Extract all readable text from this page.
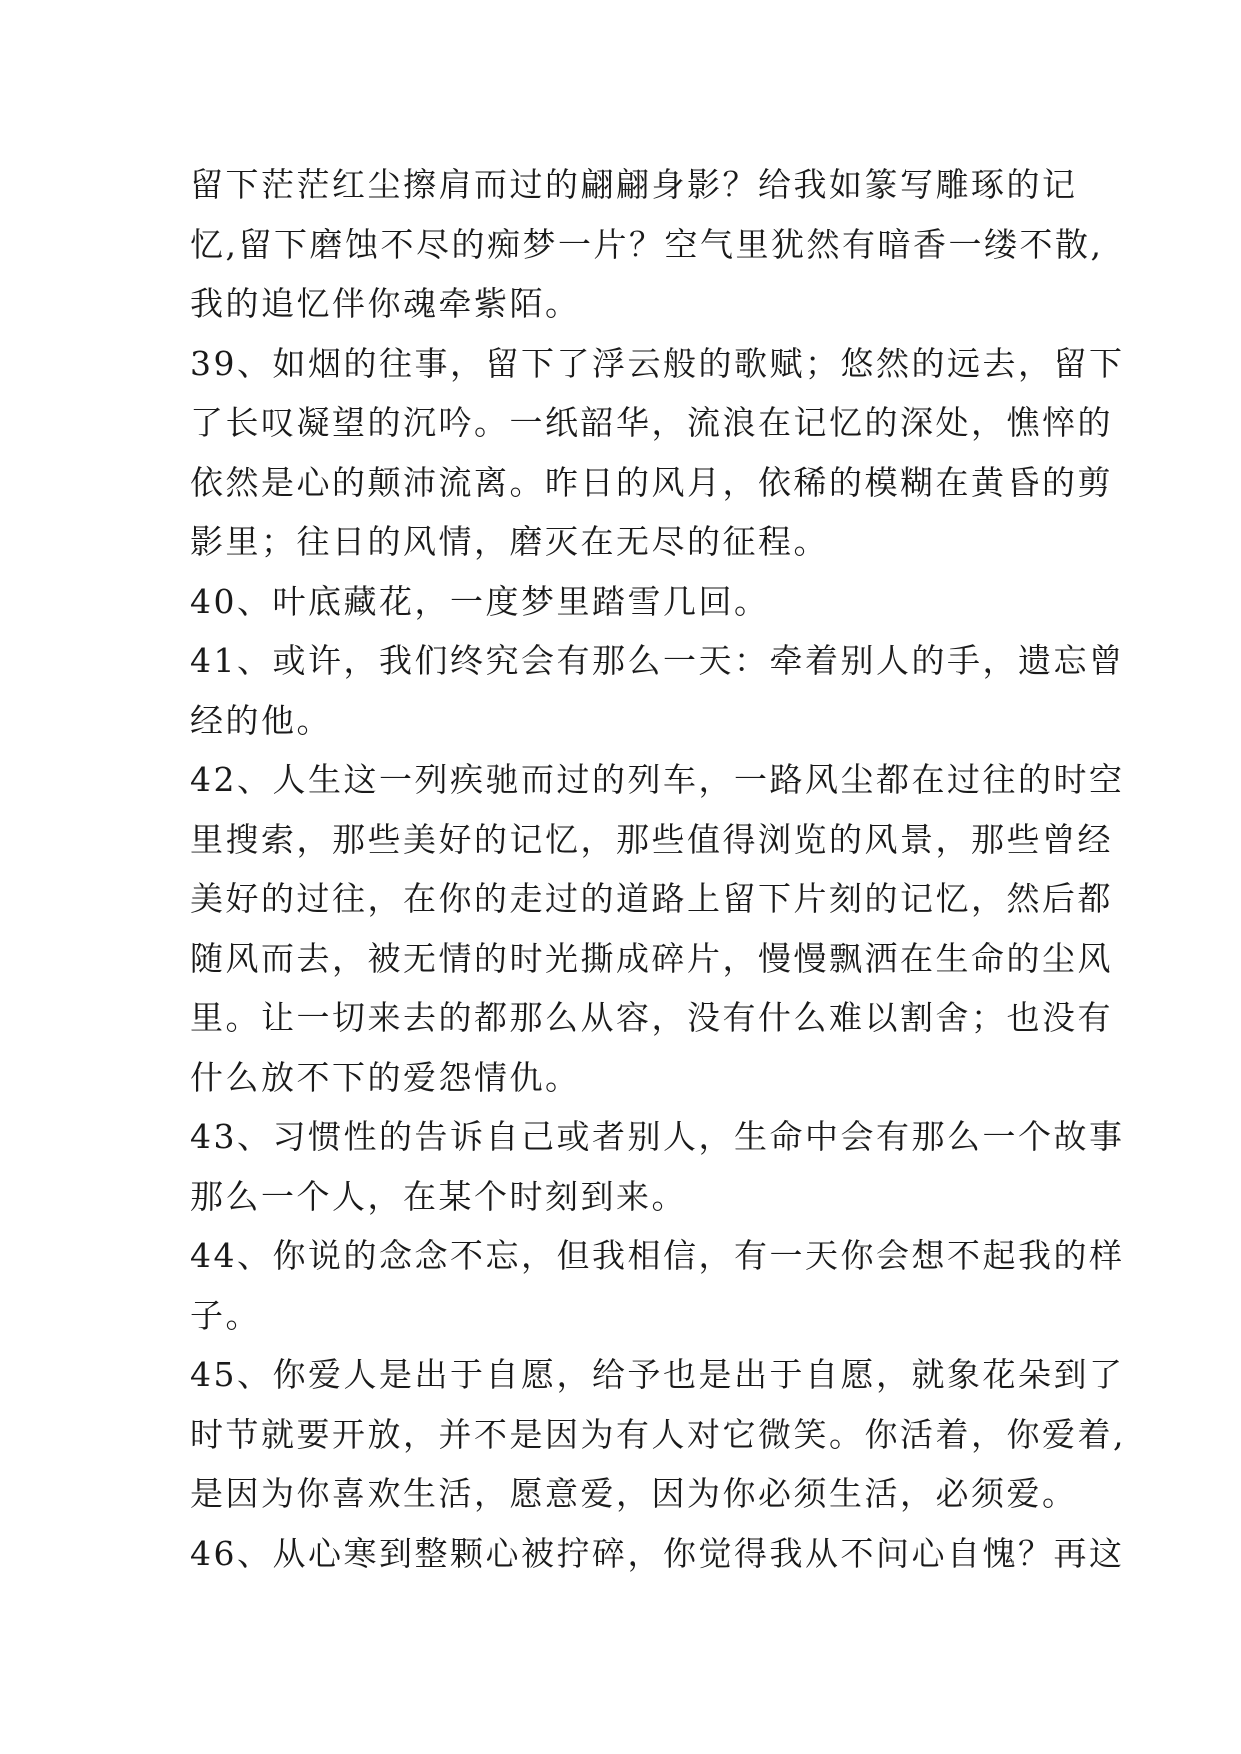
留下茫茫红尘擦肩而过的翩翩身影？给我如篆写雕琢的记
忆,留下磨蚀不尽的痴梦一片？空气里犹然有暗香一缕不散,
我的追忆伴你魂牵紫陌。
39、如烟的往事，留下了浮云般的歌赋；悠然的远去，留下
了长叹凝望的沉吟。一纸韶华，流浪在记忆的深处，憔悴的
依然是心的颠沛流离。昨日的风月，依稀的模糊在黄昏的剪
影里；往日的风情，磨灭在无尽的征程。
40、叶底藏花，一度梦里踏雪几回。
41、或许，我们终究会有那么一天：牵着别人的手，遗忘曾
经的他。
42、人生这一列疾驰而过的列车，一路风尘都在过往的时空
里搜索，那些美好的记忆，那些值得浏览的风景，那些曾经
美好的过往，在你的走过的道路上留下片刻的记忆，然后都
随风而去，被无情的时光撕成碎片，慢慢飘洒在生命的尘风
里。让一切来去的都那么从容，没有什么难以割舍；也没有
什么放不下的爱怨情仇。
43、习惯性的告诉自己或者别人，生命中会有那么一个故事
那么一个人，在某个时刻到来。
44、你说的念念不忘，但我相信，有一天你会想不起我的样
子。
45、你爱人是出于自愿，给予也是出于自愿，就象花朵到了
时节就要开放，并不是因为有人对它微笑。你活着，你爱着,
是因为你喜欢生活，愿意爱，因为你必须生活，必须爱。
46、从心寒到整颗心被拧碎，你觉得我从不问心自愧？再这
